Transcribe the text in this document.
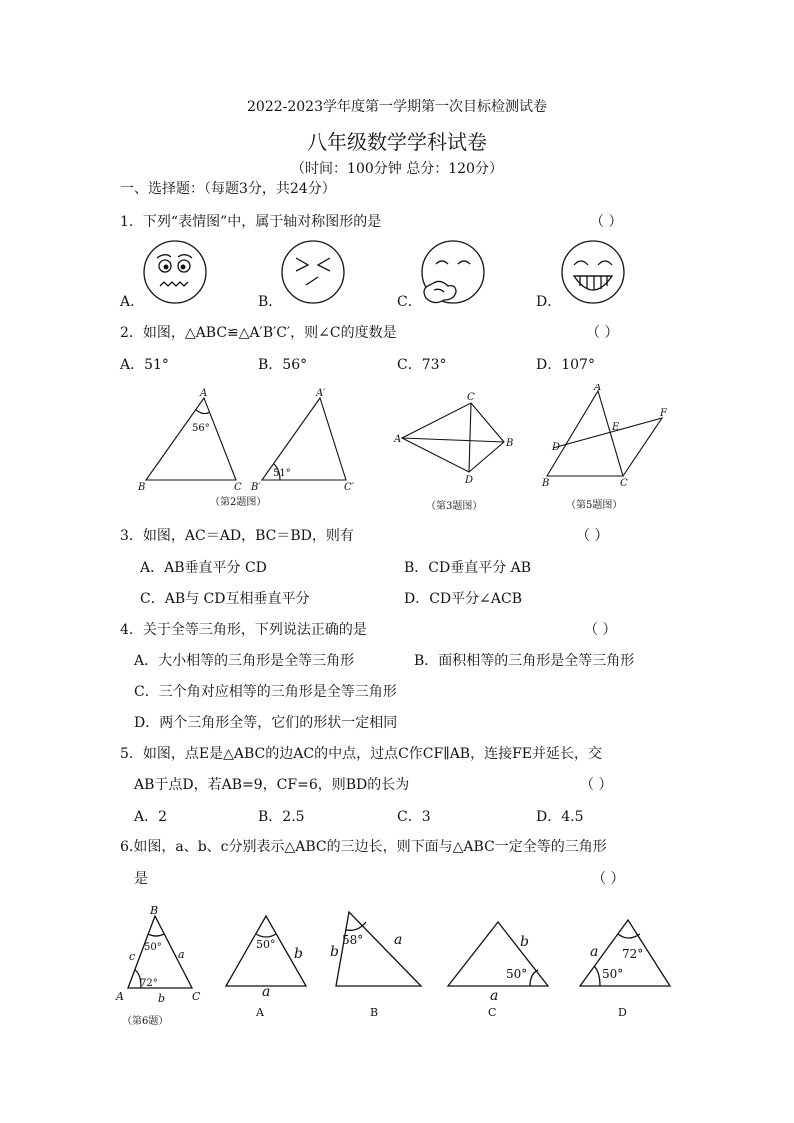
2022-2023学年度第一学期第一次目标检测试卷
八年级数学学科试卷
（时间：100分钟 总分：120分）
一、选择题：（每题3分，共24分）
1．下列“表情图”中，属于轴对称图形的是	（ ）
A．	B．	C．	D．
2．如图，△ABC≌△A′B′C′，则∠C的度数是	（ ）
A．51°	B．56°	C．73°	D．107°
A
B	C
A′
B′	C′
A	B
C
D
A
B	C
D
E
F
56°
51°
（第2题图）	（第3题图）	（第5题图）
3．如图，AC＝AD，BC＝BD，则有	（ ）
A．AB垂直平分 CD	B．CD垂直平分 AB
C．AB与 CD互相垂直平分	D．CD平分∠ACB
4．关于全等三角形，下列说法正确的是	（ ）
A．大小相等的三角形是全等三角形	B．面积相等的三角形是全等三角形
C．三个角对应相等的三角形是全等三角形
D．两个三角形全等，它们的形状一定相同
5．如图，点E是△ABC的边AC的中点，过点C作CF∥AB，连接FE并延长，交
AB于点D，若AB=9，CF=6，则BD的长为	（ ）
A．2	B．2.5	C．3	D．4.5
6.如图，a、b、c分别表示△ABC的三边长，则下面与△ABC一定全等的三角形
是	（ ）
B
A	C
a
b
c	b
a
b
a	b
a
a
50°
72°
（第6题）
50°	58°
50°
72°
50°
A	B	C	D
